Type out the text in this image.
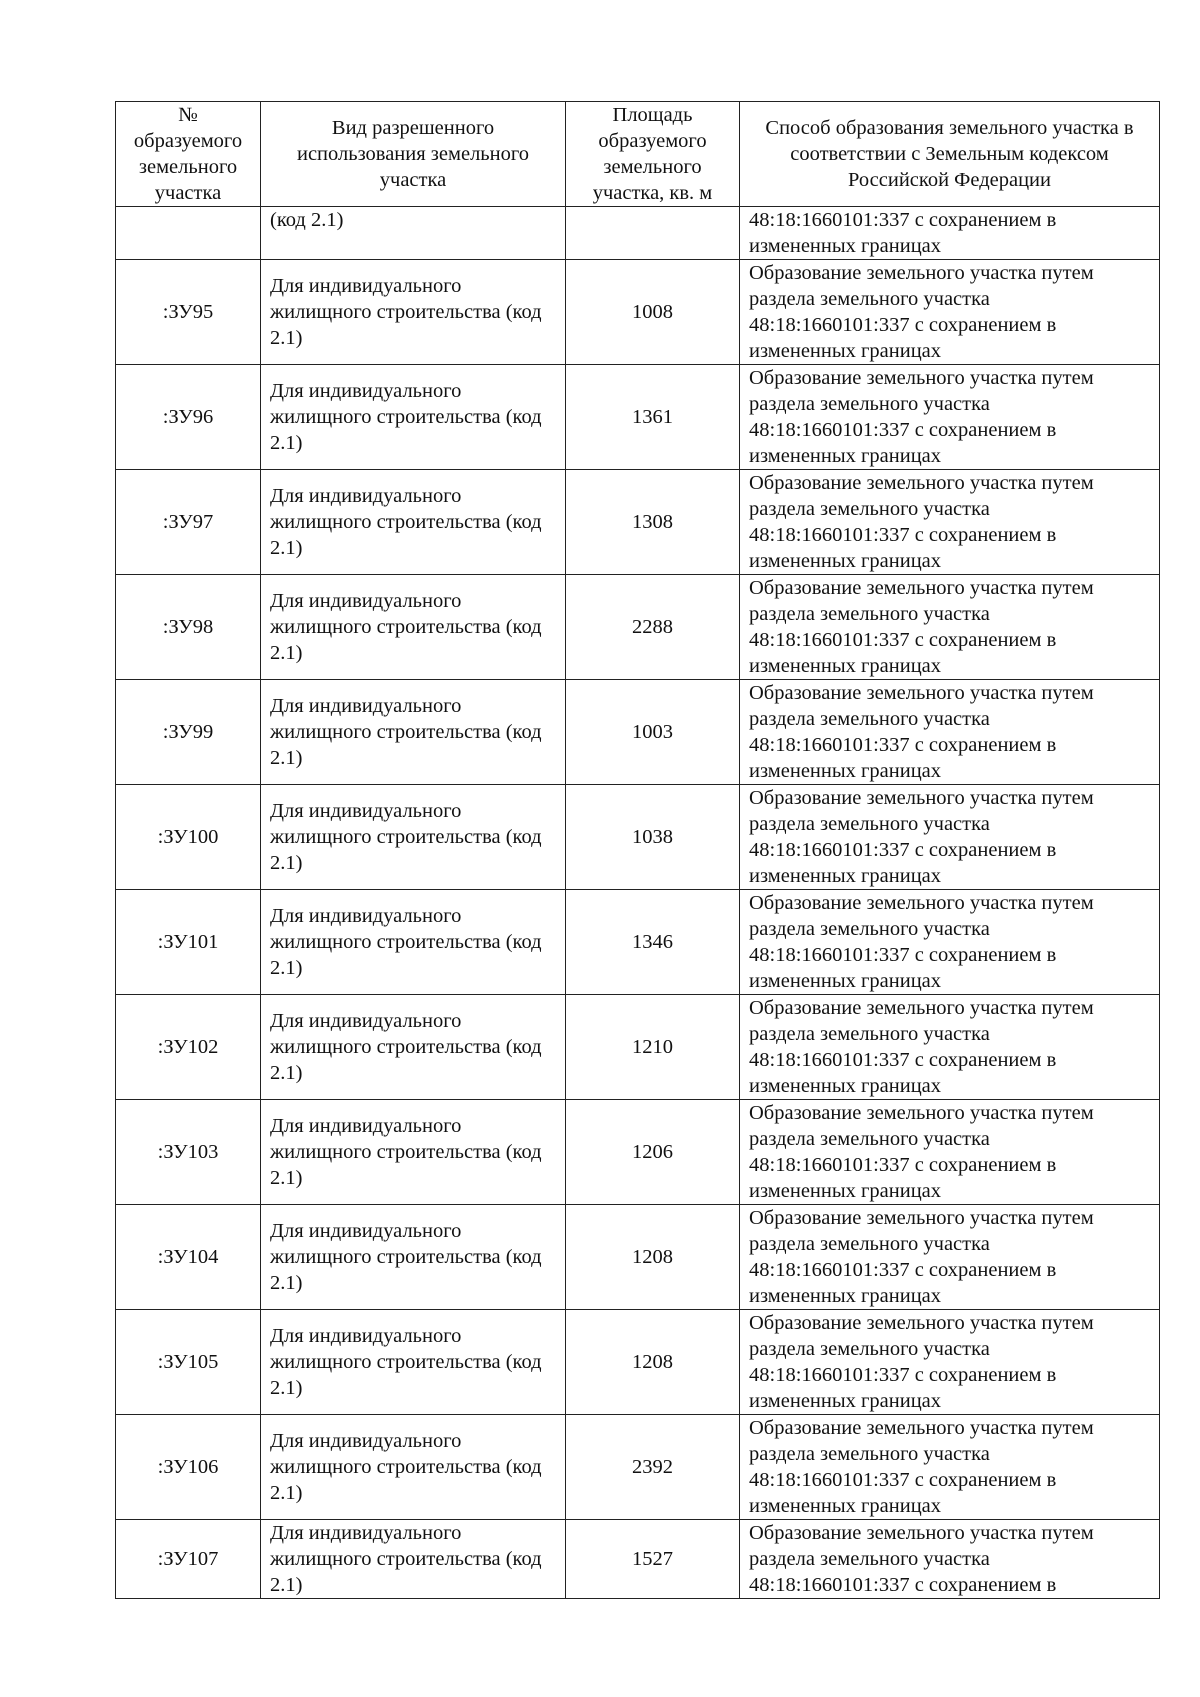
№ образуемого земельного участка	Вид разрешенного использования земельного участка	Площадь образуемого земельного участка, кв. м	Способ образования земельного участка в соответствии с Земельным кодексом Российской Федерации
	(код 2.1)		48:18:1660101:337 с сохранением в измененных границах
:ЗУ95	Для индивидуального жилищного строительства (код 2.1)	1008	Образование земельного участка путем раздела земельного участка 48:18:1660101:337 с сохранением в измененных границах
:ЗУ96	Для индивидуального жилищного строительства (код 2.1)	1361	Образование земельного участка путем раздела земельного участка 48:18:1660101:337 с сохранением в измененных границах
:ЗУ97	Для индивидуального жилищного строительства (код 2.1)	1308	Образование земельного участка путем раздела земельного участка 48:18:1660101:337 с сохранением в измененных границах
:ЗУ98	Для индивидуального жилищного строительства (код 2.1)	2288	Образование земельного участка путем раздела земельного участка 48:18:1660101:337 с сохранением в измененных границах
:ЗУ99	Для индивидуального жилищного строительства (код 2.1)	1003	Образование земельного участка путем раздела земельного участка 48:18:1660101:337 с сохранением в измененных границах
:ЗУ100	Для индивидуального жилищного строительства (код 2.1)	1038	Образование земельного участка путем раздела земельного участка 48:18:1660101:337 с сохранением в измененных границах
:ЗУ101	Для индивидуального жилищного строительства (код 2.1)	1346	Образование земельного участка путем раздела земельного участка 48:18:1660101:337 с сохранением в измененных границах
:ЗУ102	Для индивидуального жилищного строительства (код 2.1)	1210	Образование земельного участка путем раздела земельного участка 48:18:1660101:337 с сохранением в измененных границах
:ЗУ103	Для индивидуального жилищного строительства (код 2.1)	1206	Образование земельного участка путем раздела земельного участка 48:18:1660101:337 с сохранением в измененных границах
:ЗУ104	Для индивидуального жилищного строительства (код 2.1)	1208	Образование земельного участка путем раздела земельного участка 48:18:1660101:337 с сохранением в измененных границах
:ЗУ105	Для индивидуального жилищного строительства (код 2.1)	1208	Образование земельного участка путем раздела земельного участка 48:18:1660101:337 с сохранением в измененных границах
:ЗУ106	Для индивидуального жилищного строительства (код 2.1)	2392	Образование земельного участка путем раздела земельного участка 48:18:1660101:337 с сохранением в измененных границах
:ЗУ107	Для индивидуального жилищного строительства (код 2.1)	1527	Образование земельного участка путем раздела земельного участка 48:18:1660101:337 с сохранением в
